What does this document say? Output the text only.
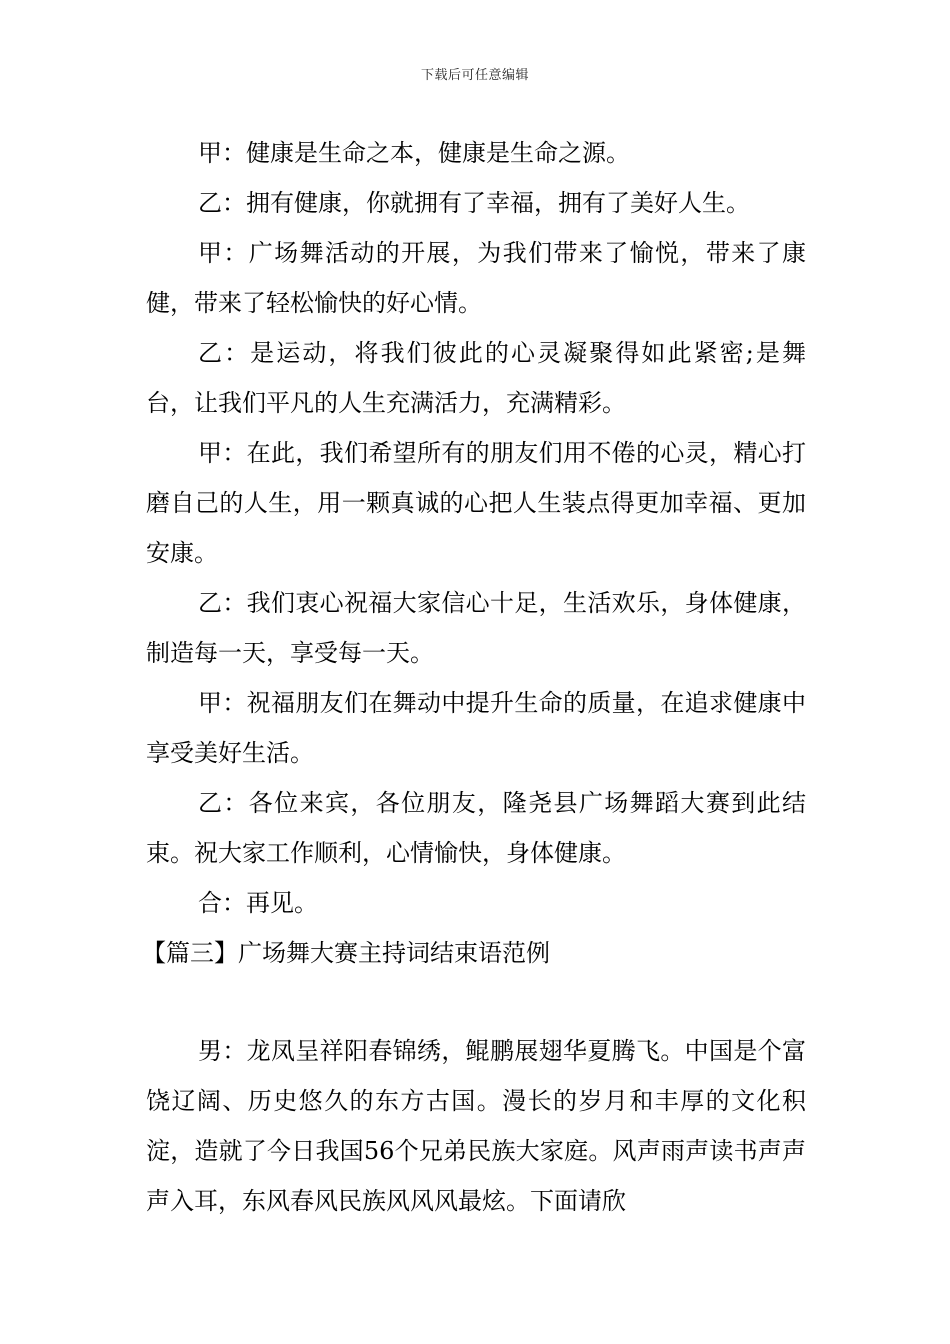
下载后可任意编辑

甲：健康是生命之本，健康是生命之源。

乙：拥有健康，你就拥有了幸福，拥有了美好人生。

甲：广场舞活动的开展，为我们带来了愉悦，带来了康健，带来了轻松愉快的好心情。

乙：是运动，将我们彼此的心灵凝聚得如此紧密;是舞台，让我们平凡的人生充满活力，充满精彩。

甲：在此，我们希望所有的朋友们用不倦的心灵，精心打磨自己的人生，用一颗真诚的心把人生装点得更加幸福、更加安康。

乙：我们衷心祝福大家信心十足，生活欢乐，身体健康，制造每一天，享受每一天。

甲：祝福朋友们在舞动中提升生命的质量，在追求健康中享受美好生活。

乙：各位来宾，各位朋友，隆尧县广场舞蹈大赛到此结束。祝大家工作顺利，心情愉快，身体健康。

合：再见。

【篇三】广场舞大赛主持词结束语范例

男：龙凤呈祥阳春锦绣，鲲鹏展翅华夏腾飞。中国是个富饶辽阔、历史悠久的东方古国。漫长的岁月和丰厚的文化积淀，造就了今日我国56个兄弟民族大家庭。风声雨声读书声声声入耳，东风春风民族风风风最炫。下面请欣
